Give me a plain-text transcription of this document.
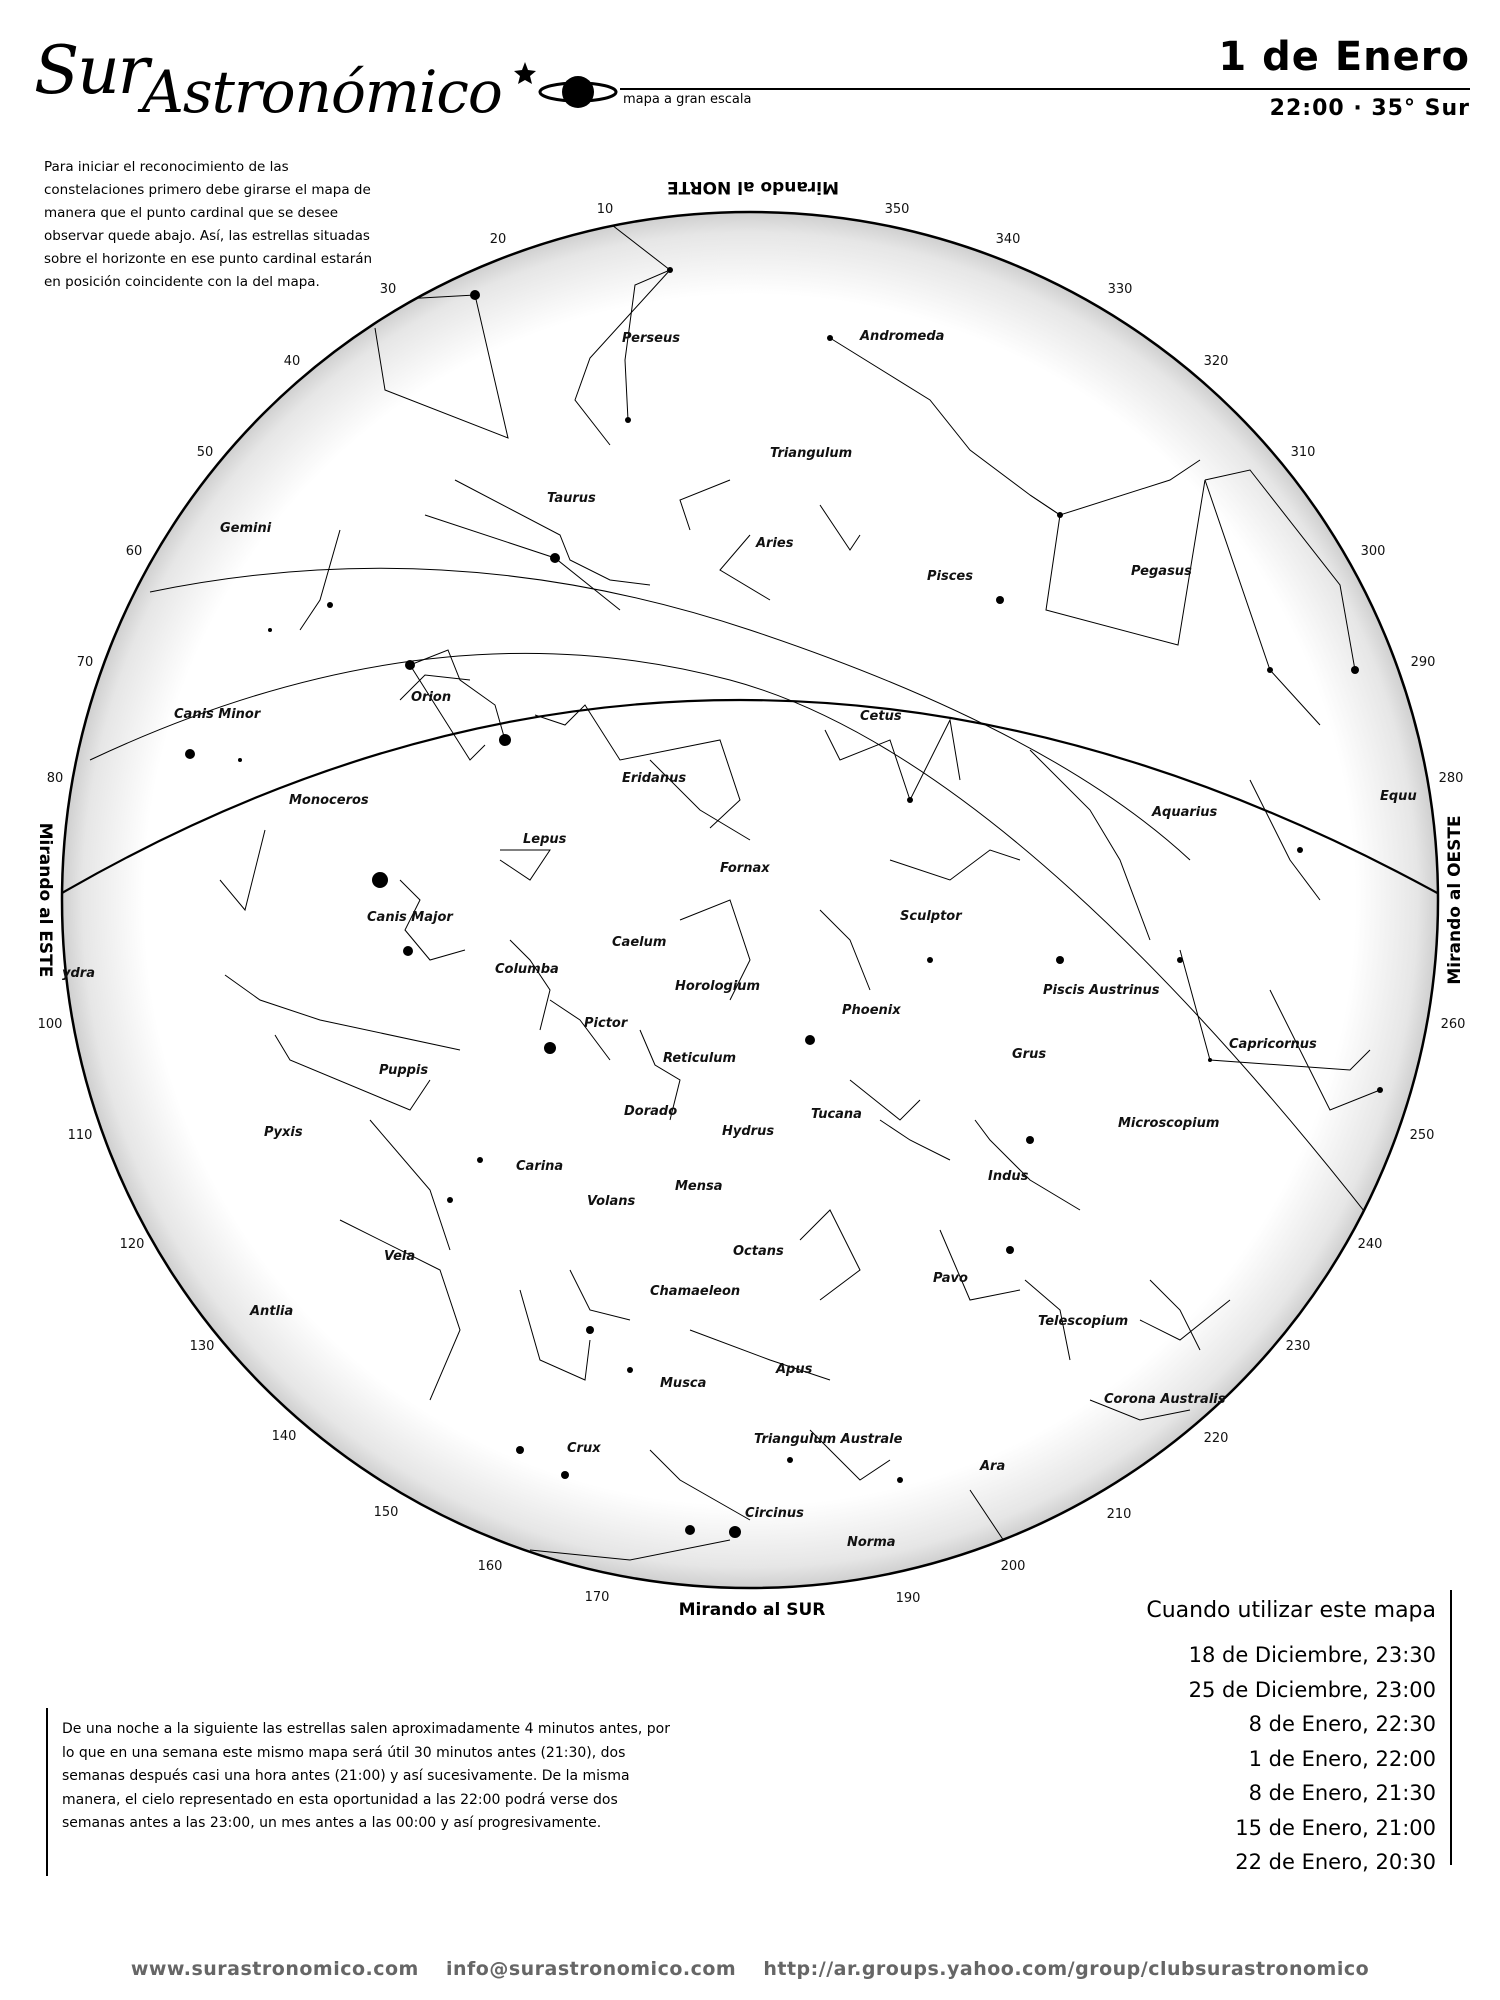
Sur
Astronómico	mapa a gran escala
1 de Enero
22:00 · 35° Sur
Para iniciar el reconocimiento de las constelaciones primero debe girarse el mapa de manera que el punto cardinal que se desee observar quede abajo. Así, las estrellas situadas sobre el horizonte en ese punto cardinal estarán en posición coincidente con la del mapa.
Perseus	Andromeda
Triangulum
Taurus
Aries
Pisces	Pegasus
Gemini
Orion
Canis Minor	Cetus
Eridanus
Monoceros
Aquarius
Equu
Lepus
Fornax
Canis Major	Sculptor
Caelum
Columba
Horologium	Piscis Austrinus
Pictor
Phoenix
Puppis
Reticulum	Grus
Capricornus
Dorado	Tucana
Pyxis	Hydrus
Microscopium
Carina
Indus
Mensa
Volans
Vela	Octans
Pavo
Chamaeleon
Antlia
Telescopium
Apus
Musca
Corona Australis
Crux
Triangulum Australe
Ara
Circinus
Norma
ydra
10
20
30
40
50
60
70
80
100
110
120
130
140
150
160
170	190
200
210
220
230
240
250
260
280
290
300
310
320
330
340
350
Mirando al NORTE
Mirando al SUR
Mirando al ESTE	Mirando al OESTE
Cuando utilizar este mapa
18 de Diciembre, 23:30
25 de Diciembre, 23:00
8 de Enero, 22:30
1 de Enero, 22:00
8 de Enero, 21:30
15 de Enero, 21:00
22 de Enero, 20:30
De una noche a la siguiente las estrellas salen aproximadamente 4 minutos antes, por lo que en una semana este mismo mapa será útil 30 minutos antes (21:30), dos semanas después casi una hora antes (21:00) y así sucesivamente. De la misma manera, el cielo representado en esta oportunidad a las 22:00 podrá verse dos semanas antes a las 23:00, un mes antes a las 00:00 y así progresivamente.
www.surastronomico.com info@surastronomico.com http://ar.groups.yahoo.com/group/clubsurastronomico
